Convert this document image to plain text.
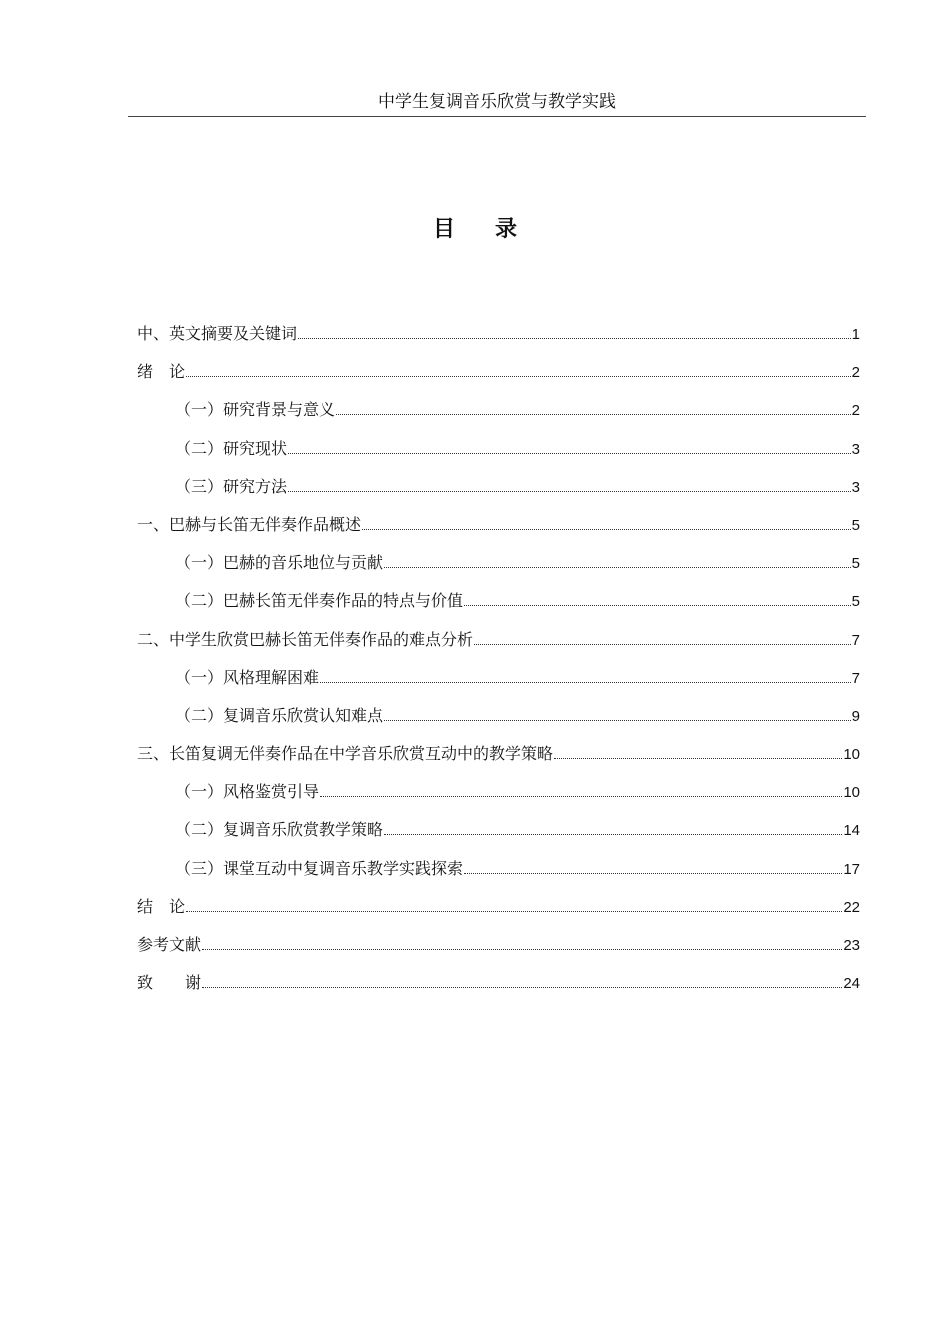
中学生复调音乐欣赏与教学实践
目 录
中、英文摘要及关键词	1
绪　论	2
（一）研究背景与意义	2
（二）研究现状	3
（三）研究方法	3
一、巴赫与长笛无伴奏作品概述	5
（一）巴赫的音乐地位与贡献	5
（二）巴赫长笛无伴奏作品的特点与价值	5
二、中学生欣赏巴赫长笛无伴奏作品的难点分析	7
（一）风格理解困难	7
（二）复调音乐欣赏认知难点	9
三、长笛复调无伴奏作品在中学音乐欣赏互动中的教学策略	10
（一）风格鉴赏引导	10
（二）复调音乐欣赏教学策略	14
（三）课堂互动中复调音乐教学实践探索	17
结　论	22
参考文献	23
致　　谢	24
